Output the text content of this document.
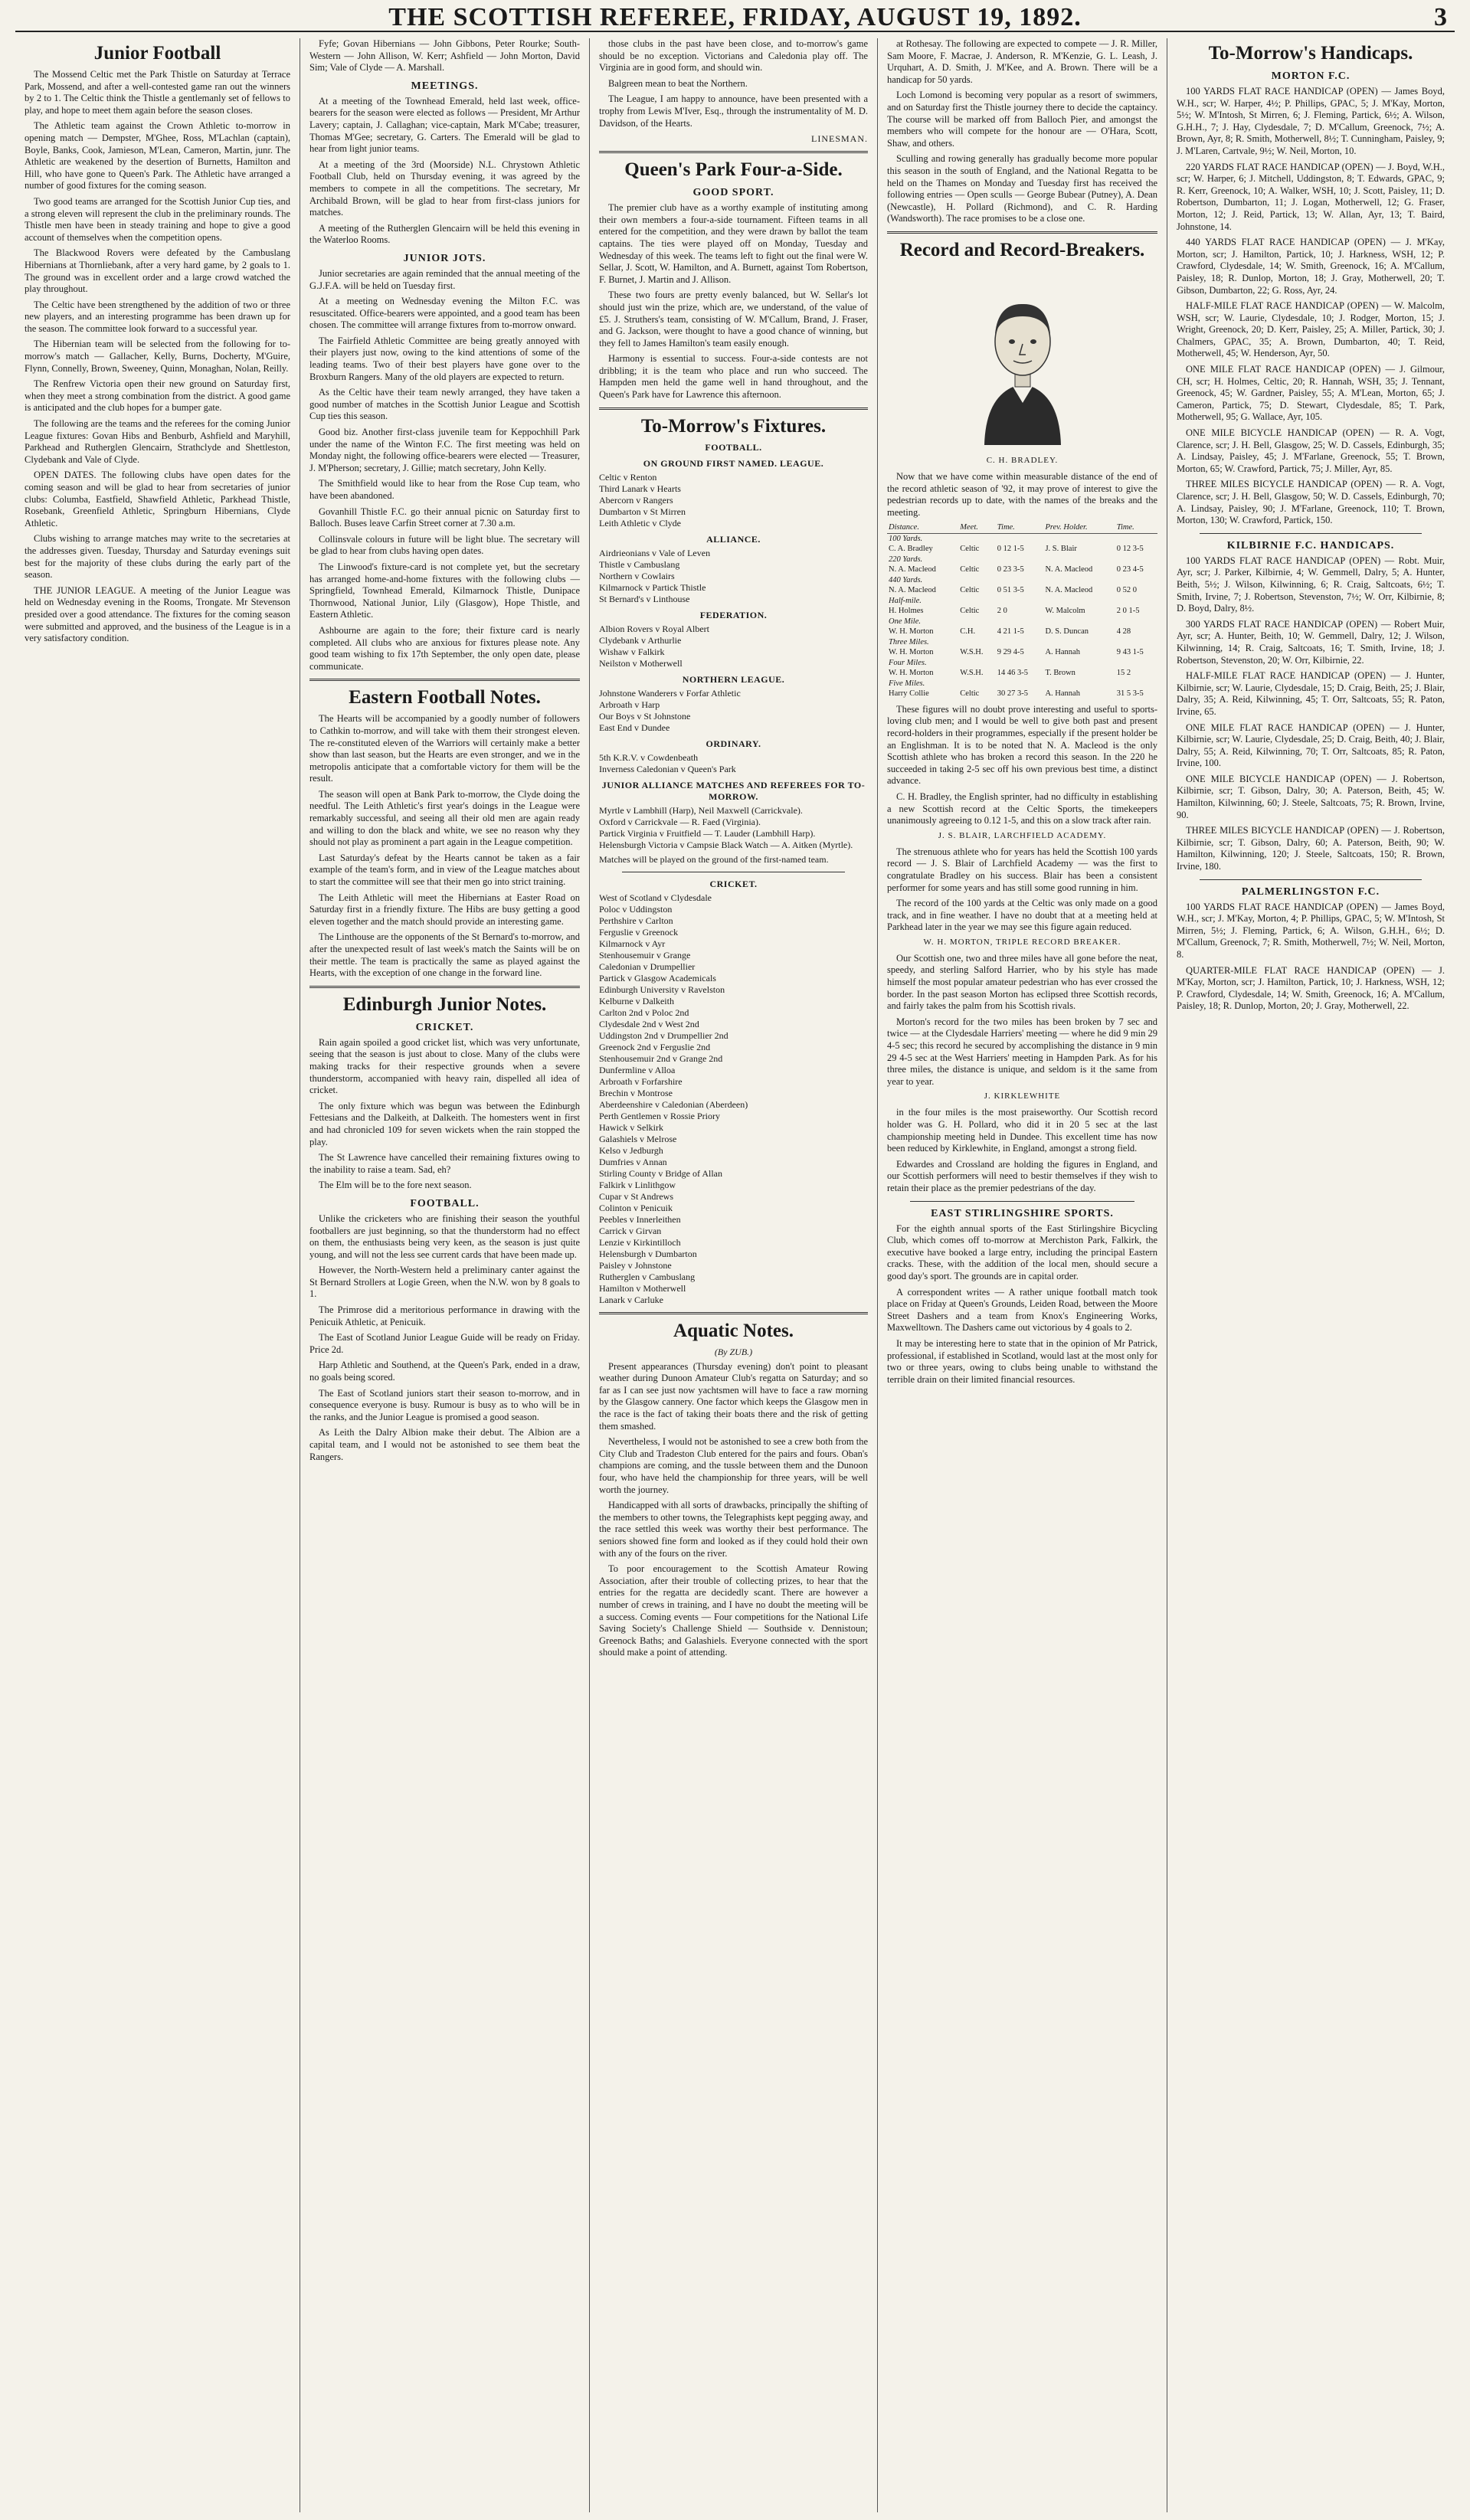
THE SCOTTISH REFEREE, FRIDAY, AUGUST 19, 1892.	3
Junior Football

The Mossend Celtic met the Park Thistle on Saturday at Terrace Park, Mossend, and after a well-contested game ran out the winners by 2 to 1. The Celtic think the Thistle a gentlemanly set of fellows to play, and hope to meet them again before the season closes.

The Athletic team against the Crown Athletic to-morrow in opening match — Dempster, M'Ghee, Ross, M'Lachlan (captain), Boyle, Banks, Cook, Jamieson, M'Lean, Cameron, Martin, junr. The Athletic are weakened by the desertion of Burnetts, Hamilton and Hill, who have gone to Queen's Park. The Athletic have arranged a number of good fixtures for the coming season.

Two good teams are arranged for the Scottish Junior Cup ties, and a strong eleven will represent the club in the preliminary rounds. The Thistle men have been in steady training and hope to give a good account of themselves when the competition opens.

The Blackwood Rovers were defeated by the Cambuslang Hibernians at Thornliebank, after a very hard game, by 2 goals to 1. The ground was in excellent order and a large crowd watched the play throughout.

The Celtic have been strengthened by the addition of two or three new players, and an interesting programme has been drawn up for the season. The committee look forward to a successful year.

The Hibernian team will be selected from the following for to-morrow's match — Gallacher, Kelly, Burns, Docherty, M'Guire, Flynn, Connelly, Brown, Sweeney, Quinn, Monaghan, Nolan, Reilly.

The Renfrew Victoria open their new ground on Saturday first, when they meet a strong combination from the district. A good game is anticipated and the club hopes for a bumper gate.

The following are the teams and the referees for the coming Junior League fixtures: Govan Hibs and Benburb, Ashfield and Maryhill, Parkhead and Rutherglen Glencairn, Strathclyde and Shettleston, Clydebank and Vale of Clyde.

OPEN DATES. The following clubs have open dates for the coming season and will be glad to hear from secretaries of junior clubs: Columba, Eastfield, Shawfield Athletic, Parkhead Thistle, Rosebank, Greenfield Athletic, Springburn Hibernians, Clyde Athletic.

Clubs wishing to arrange matches may write to the secretaries at the addresses given. Tuesday, Thursday and Saturday evenings suit best for the majority of these clubs during the early part of the season.

THE JUNIOR LEAGUE. A meeting of the Junior League was held on Wednesday evening in the Rooms, Trongate. Mr Stevenson presided over a good attendance. The fixtures for the coming season were submitted and approved, and the business of the League is in a very satisfactory condition.

Fyfe; Govan Hibernians — John Gibbons, Peter Rourke; South-Western — John Allison, W. Kerr; Ashfield — John Morton, David Sim; Vale of Clyde — A. Marshall.

MEETINGS.

At a meeting of the Townhead Emerald, held last week, office-bearers for the season were elected as follows — President, Mr Arthur Lavery; captain, J. Callaghan; vice-captain, Mark M'Cabe; treasurer, Thomas M'Gee; secretary, G. Carters. The Emerald will be glad to hear from light junior teams.

At a meeting of the 3rd (Moorside) N.L. Chrystown Athletic Football Club, held on Thursday evening, it was agreed by the members to compete in all the competitions. The secretary, Mr Archibald Brown, will be glad to hear from first-class juniors for matches.

A meeting of the Rutherglen Glencairn will be held this evening in the Waterloo Rooms.

JUNIOR JOTS.

Junior secretaries are again reminded that the annual meeting of the G.J.F.A. will be held on Tuesday first.

At a meeting on Wednesday evening the Milton F.C. was resuscitated. Office-bearers were appointed, and a good team has been chosen. The committee will arrange fixtures from to-morrow onward.

The Fairfield Athletic Committee are being greatly annoyed with their players just now, owing to the kind attentions of some of the leading teams. Two of their best players have gone over to the Broxburn Rangers. Many of the old players are expected to return.

As the Celtic have their team newly arranged, they have taken a good number of matches in the Scottish Junior League and Scottish Cup ties this season.

Good biz. Another first-class juvenile team for Keppochhill Park under the name of the Winton F.C. The first meeting was held on Monday night, the following office-bearers were elected — Treasurer, J. M'Pherson; secretary, J. Gillie; match secretary, John Kelly.

The Smithfield would like to hear from the Rose Cup team, who have been abandoned.

Govanhill Thistle F.C. go their annual picnic on Saturday first to Balloch. Buses leave Carfin Street corner at 7.30 a.m.

Collinsvale colours in future will be light blue. The secretary will be glad to hear from clubs having open dates.

The Linwood's fixture-card is not complete yet, but the secretary has arranged home-and-home fixtures with the following clubs — Springfield, Townhead Emerald, Kilmarnock Thistle, Dunipace Thornwood, National Junior, Lily (Glasgow), Hope Thistle, and Eastern Athletic.

Ashbourne are again to the fore; their fixture card is nearly completed. All clubs who are anxious for fixtures please note. Any good team wishing to fix 17th September, the only open date, please communicate.

Eastern Football Notes.

The Hearts will be accompanied by a goodly number of followers to Cathkin to-morrow, and will take with them their strongest eleven. The re-constituted eleven of the Warriors will certainly make a better show than last season, but the Hearts are even stronger, and we in the metropolis anticipate that a comfortable victory for them will be the result.

The season will open at Bank Park to-morrow, the Clyde doing the needful. The Leith Athletic's first year's doings in the League were remarkably successful, and seeing all their old men are again ready and willing to don the black and white, we see no reason why they should not play as prominent a part again in the League competition.

Last Saturday's defeat by the Hearts cannot be taken as a fair example of the team's form, and in view of the League matches about to start the committee will see that their men go into strict training.

The Leith Athletic will meet the Hibernians at Easter Road on Saturday first in a friendly fixture. The Hibs are busy getting a good eleven together and the match should provide an interesting game.

The Linthouse are the opponents of the St Bernard's to-morrow, and after the unexpected result of last week's match the Saints will be on their mettle. The team is practically the same as played against the Hearts, with the exception of one change in the forward line.

Edinburgh Junior Notes.
CRICKET.

Rain again spoiled a good cricket list, which was very unfortunate, seeing that the season is just about to close. Many of the clubs were making tracks for their respective grounds when a severe thunderstorm, accompanied with heavy rain, dispelled all idea of cricket.

The only fixture which was begun was between the Edinburgh Fettesians and the Dalkeith, at Dalkeith. The homesters went in first and had chronicled 109 for seven wickets when the rain stopped the play.

The St Lawrence have cancelled their remaining fixtures owing to the inability to raise a team. Sad, eh?

The Elm will be to the fore next season.

FOOTBALL.

Unlike the cricketers who are finishing their season the youthful footballers are just beginning, so that the thunderstorm had no effect on them, the enthusiasts being very keen, as the season is just quite young, and will not the less see current cards that have been made up.

However, the North-Western held a preliminary canter against the St Bernard Strollers at Logie Green, when the N.W. won by 8 goals to 1.

The Primrose did a meritorious performance in drawing with the Penicuik Athletic, at Penicuik.

The East of Scotland Junior League Guide will be ready on Friday. Price 2d.

Harp Athletic and Southend, at the Queen's Park, ended in a draw, no goals being scored.

The East of Scotland juniors start their season to-morrow, and in consequence everyone is busy. Rumour is busy as to who will be in the ranks, and the Junior League is promised a good season.

As Leith the Dalry Albion make their debut. The Albion are a capital team, and I would not be astonished to see them beat the Rangers.

those clubs in the past have been close, and to-morrow's game should be no exception. Victorians and Caledonia play off. The Virginia are in good form, and should win.

Balgreen mean to beat the Northern.

The League, I am happy to announce, have been presented with a trophy from Lewis M'Iver, Esq., through the instrumentality of M. D. Davidson, of the Hearts.

LINESMAN.
Queen's Park Four-a-Side.
GOOD SPORT.

The premier club have as a worthy example of instituting among their own members a four-a-side tournament. Fifteen teams in all entered for the competition, and they were drawn by ballot the team captains. The ties were played off on Monday, Tuesday and Wednesday of this week. The teams left to fight out the final were W. Sellar, J. Scott, W. Hamilton, and A. Burnett, against Tom Robertson, F. Burnet, J. Martin and J. Allison.

These two fours are pretty evenly balanced, but W. Sellar's lot should just win the prize, which are, we understand, of the value of £5. J. Struthers's team, consisting of W. M'Callum, Brand, J. Fraser, and G. Jackson, were thought to have a good chance of winning, but they fell to James Hamilton's team easily enough.

Harmony is essential to success. Four-a-side contests are not dribbling; it is the team who place and run who succeed. The Hampden men held the game well in hand throughout, and the Queen's Park have for Lawrence this afternoon.

To-Morrow's Fixtures.
FOOTBALL.
ON GROUND FIRST NAMED. LEAGUE.

Celtic v Renton

Third Lanark v Hearts

Abercorn v Rangers

Dumbarton v St Mirren

Leith Athletic v Clyde

ALLIANCE.

Airdrieonians v Vale of Leven

Thistle v Cambuslang

Northern v Cowlairs

Kilmarnock v Partick Thistle

St Bernard's v Linthouse

FEDERATION.

Albion Rovers v Royal Albert

Clydebank v Arthurlie

Wishaw v Falkirk

Neilston v Motherwell

NORTHERN LEAGUE.

Johnstone Wanderers v Forfar Athletic

Arbroath v Harp

Our Boys v St Johnstone

East End v Dundee

ORDINARY.

5th K.R.V. v Cowdenbeath

Inverness Caledonian v Queen's Park

JUNIOR ALLIANCE MATCHES AND REFEREES FOR TO-MORROW.

Myrtle v Lambhill (Harp), Neil Maxwell (Carrickvale).

Oxford v Carrickvale — R. Faed (Virginia).

Partick Virginia v Fruitfield — T. Lauder (Lambhill Harp).

Helensburgh Victoria v Campsie Black Watch — A. Aitken (Myrtle).

Matches will be played on the ground of the first-named team.

CRICKET.

West of Scotland v Clydesdale

Poloc v Uddingston

Perthshire v Carlton

Ferguslie v Greenock

Kilmarnock v Ayr

Stenhousemuir v Grange

Caledonian v Drumpellier

Partick v Glasgow Academicals

Edinburgh University v Ravelston

Kelburne v Dalkeith

Carlton 2nd v Poloc 2nd

Clydesdale 2nd v West 2nd

Uddingston 2nd v Drumpellier 2nd

Greenock 2nd v Ferguslie 2nd

Stenhousemuir 2nd v Grange 2nd

Dunfermline v Alloa

Arbroath v Forfarshire

Brechin v Montrose

Aberdeenshire v Caledonian (Aberdeen)

Perth Gentlemen v Rossie Priory

Hawick v Selkirk

Galashiels v Melrose

Kelso v Jedburgh

Dumfries v Annan

Stirling County v Bridge of Allan

Falkirk v Linlithgow

Cupar v St Andrews

Colinton v Penicuik

Peebles v Innerleithen

Carrick v Girvan

Lenzie v Kirkintilloch

Helensburgh v Dumbarton

Paisley v Johnstone

Rutherglen v Cambuslang

Hamilton v Motherwell

Lanark v Carluke

Aquatic Notes.
(By ZUB.)

Present appearances (Thursday evening) don't point to pleasant weather during Dunoon Amateur Club's regatta on Saturday; and so far as I can see just now yachtsmen will have to face a raw morning by the Glasgow cannery. One factor which keeps the Glasgow men in the race is the fact of taking their boats there and the risk of getting them smashed.

Nevertheless, I would not be astonished to see a crew both from the City Club and Tradeston Club entered for the pairs and fours. Oban's champions are coming, and the tussle between them and the Dunoon four, who have held the championship for three years, will be well worth the journey.

Handicapped with all sorts of drawbacks, principally the shifting of the members to other towns, the Telegraphists kept pegging away, and the race settled this week was worthy their best performance. The seniors showed fine form and looked as if they could hold their own with any of the fours on the river.

To poor encouragement to the Scottish Amateur Rowing Association, after their trouble of collecting prizes, to hear that the entries for the regatta are decidedly scant. There are however a number of crews in training, and I have no doubt the meeting will be a success. Coming events — Four competitions for the National Life Saving Society's Challenge Shield — Southside v. Dennistoun; Greenock Baths; and Galashiels. Everyone connected with the sport should make a point of attending.

at Rothesay. The following are expected to compete — J. R. Miller, Sam Moore, F. Macrae, J. Anderson, R. M'Kenzie, G. L. Leash, J. Urquhart, A. D. Smith, J. M'Kee, and A. Brown. There will be a handicap for 50 yards.

Loch Lomond is becoming very popular as a resort of swimmers, and on Saturday first the Thistle journey there to decide the captaincy. The course will be marked off from Balloch Pier, and amongst the members who will compete for the honour are — O'Hara, Scott, Shaw, and others.

Sculling and rowing generally has gradually become more popular this season in the south of England, and the National Regatta to be held on the Thames on Monday and Tuesday first has received the following entries — Open sculls — George Bubear (Putney), A. Dean (Newcastle), H. Pollard (Richmond), and C. R. Harding (Wandsworth). The race promises to be a close one.

Record and Record-Breakers.
C. H. BRADLEY.

Now that we have come within measurable distance of the end of the record athletic season of '92, it may prove of interest to give the pedestrian records up to date, with the names of the breaks and the meeting.

Distance.	Meet.	Time.	Prev. Holder.	Time.
100 Yards.				
C. A. Bradley	Celtic	0 12 1-5	J. S. Blair	0 12 3-5
220 Yards.				
N. A. Macleod	Celtic	0 23 3-5	N. A. Macleod	0 23 4-5
440 Yards.				
N. A. Macleod	Celtic	0 51 3-5	N. A. Macleod	0 52 0
Half-mile.				
H. Holmes	Celtic	2 0	W. Malcolm	2 0 1-5
One Mile.				
W. H. Morton	C.H.	4 21 1-5	D. S. Duncan	4 28
Three Miles.				
W. H. Morton	W.S.H.	9 29 4-5	A. Hannah	9 43 1-5
Four Miles.				
W. H. Morton	W.S.H.	14 46 3-5	T. Brown	15 2
Five Miles.				
Harry Collie	Celtic	30 27 3-5	A. Hannah	31 5 3-5

These figures will no doubt prove interesting and useful to sports-loving club men; and I would be well to give both past and present record-holders in their programmes, especially if the present holder be an Englishman. It is to be noted that N. A. Macleod is the only Scottish athlete who has broken a record this season. In the 220 he succeeded in taking 2-5 sec off his own previous best time, a distinct advance.

C. H. Bradley, the English sprinter, had no difficulty in establishing a new Scottish record at the Celtic Sports, the timekeepers unanimously agreeing to 0.12 1-5, and this on a slow track after rain.

J. S. BLAIR, LARCHFIELD ACADEMY.

The strenuous athlete who for years has held the Scottish 100 yards record — J. S. Blair of Larchfield Academy — was the first to congratulate Bradley on his success. Blair has been a consistent performer for some years and has still some good running in him.

The record of the 100 yards at the Celtic was only made on a good track, and in fine weather. I have no doubt that at a meeting held at Parkhead later in the year we may see this figure again reduced.

W. H. MORTON, TRIPLE RECORD BREAKER.

Our Scottish one, two and three miles have all gone before the neat, speedy, and sterling Salford Harrier, who by his style has made himself the most popular amateur pedestrian who has ever crossed the border. In the past season Morton has eclipsed three Scottish records, and fairly takes the palm from his Scottish rivals.

Morton's record for the two miles has been broken by 7 sec and twice — at the Clydesdale Harriers' meeting — where he did 9 min 29 4-5 sec; this record he secured by accomplishing the distance in 9 min 29 4-5 sec at the West Harriers' meeting in Hampden Park. As for his three miles, the distance is unique, and seldom is it the same from year to year.

J. KIRKLEWHITE

in the four miles is the most praiseworthy. Our Scottish record holder was G. H. Pollard, who did it in 20 5 sec at the last championship meeting held in Dundee. This excellent time has now been reduced by Kirklewhite, in England, amongst a strong field.

Edwardes and Crossland are holding the figures in England, and our Scottish performers will need to bestir themselves if they wish to retain their place as the premier pedestrians of the day.

EAST STIRLINGSHIRE SPORTS.

For the eighth annual sports of the East Stirlingshire Bicycling Club, which comes off to-morrow at Merchiston Park, Falkirk, the executive have booked a large entry, including the principal Eastern cracks. These, with the addition of the local men, should secure a good day's sport. The grounds are in capital order.

A correspondent writes — A rather unique football match took place on Friday at Queen's Grounds, Leiden Road, between the Moore Street Dashers and a team from Knox's Engineering Works, Maxwelltown. The Dashers came out victorious by 4 goals to 2.

It may be interesting here to state that in the opinion of Mr Patrick, professional, if established in Scotland, would last at the most only for two or three years, owing to clubs being unable to withstand the terrible drain on their limited financial resources.

To-Morrow's Handicaps.
MORTON F.C.

100 YARDS FLAT RACE HANDICAP (OPEN) — James Boyd, W.H., scr; W. Harper, 4½; P. Phillips, GPAC, 5; J. M'Kay, Morton, 5½; W. M'Intosh, St Mirren, 6; J. Fleming, Partick, 6½; A. Wilson, G.H.H., 7; J. Hay, Clydesdale, 7; D. M'Callum, Greenock, 7½; A. Brown, Ayr, 8; R. Smith, Motherwell, 8½; T. Cunningham, Paisley, 9; J. M'Laren, Cartvale, 9½; W. Neil, Morton, 10.

220 YARDS FLAT RACE HANDICAP (OPEN) — J. Boyd, W.H., scr; W. Harper, 6; J. Mitchell, Uddingston, 8; T. Edwards, GPAC, 9; R. Kerr, Greenock, 10; A. Walker, WSH, 10; J. Scott, Paisley, 11; D. Robertson, Dumbarton, 11; J. Logan, Motherwell, 12; G. Fraser, Morton, 12; J. Reid, Partick, 13; W. Allan, Ayr, 13; T. Baird, Johnstone, 14.

440 YARDS FLAT RACE HANDICAP (OPEN) — J. M'Kay, Morton, scr; J. Hamilton, Partick, 10; J. Harkness, WSH, 12; P. Crawford, Clydesdale, 14; W. Smith, Greenock, 16; A. M'Callum, Paisley, 18; R. Dunlop, Morton, 18; J. Gray, Motherwell, 20; T. Gibson, Dumbarton, 22; G. Ross, Ayr, 24.

HALF-MILE FLAT RACE HANDICAP (OPEN) — W. Malcolm, WSH, scr; W. Laurie, Clydesdale, 10; J. Rodger, Morton, 15; J. Wright, Greenock, 20; D. Kerr, Paisley, 25; A. Miller, Partick, 30; J. Chalmers, GPAC, 35; A. Brown, Dumbarton, 40; T. Reid, Motherwell, 45; W. Henderson, Ayr, 50.

ONE MILE FLAT RACE HANDICAP (OPEN) — J. Gilmour, CH, scr; H. Holmes, Celtic, 20; R. Hannah, WSH, 35; J. Tennant, Greenock, 45; W. Gardner, Paisley, 55; A. M'Lean, Morton, 65; J. Cameron, Partick, 75; D. Stewart, Clydesdale, 85; T. Park, Motherwell, 95; G. Wallace, Ayr, 105.

ONE MILE BICYCLE HANDICAP (OPEN) — R. A. Vogt, Clarence, scr; J. H. Bell, Glasgow, 25; W. D. Cassels, Edinburgh, 35; A. Lindsay, Paisley, 45; J. M'Farlane, Greenock, 55; T. Brown, Morton, 65; W. Crawford, Partick, 75; J. Miller, Ayr, 85.

THREE MILES BICYCLE HANDICAP (OPEN) — R. A. Vogt, Clarence, scr; J. H. Bell, Glasgow, 50; W. D. Cassels, Edinburgh, 70; A. Lindsay, Paisley, 90; J. M'Farlane, Greenock, 110; T. Brown, Morton, 130; W. Crawford, Partick, 150.

KILBIRNIE F.C. HANDICAPS.

100 YARDS FLAT RACE HANDICAP (OPEN) — Robt. Muir, Ayr, scr; J. Parker, Kilbirnie, 4; W. Gemmell, Dalry, 5; A. Hunter, Beith, 5½; J. Wilson, Kilwinning, 6; R. Craig, Saltcoats, 6½; T. Smith, Irvine, 7; J. Robertson, Stevenston, 7½; W. Orr, Kilbirnie, 8; D. Boyd, Dalry, 8½.

300 YARDS FLAT RACE HANDICAP (OPEN) — Robert Muir, Ayr, scr; A. Hunter, Beith, 10; W. Gemmell, Dalry, 12; J. Wilson, Kilwinning, 14; R. Craig, Saltcoats, 16; T. Smith, Irvine, 18; J. Robertson, Stevenston, 20; W. Orr, Kilbirnie, 22.

HALF-MILE FLAT RACE HANDICAP (OPEN) — J. Hunter, Kilbirnie, scr; W. Laurie, Clydesdale, 15; D. Craig, Beith, 25; J. Blair, Dalry, 35; A. Reid, Kilwinning, 45; T. Orr, Saltcoats, 55; R. Paton, Irvine, 65.

ONE MILE FLAT RACE HANDICAP (OPEN) — J. Hunter, Kilbirnie, scr; W. Laurie, Clydesdale, 25; D. Craig, Beith, 40; J. Blair, Dalry, 55; A. Reid, Kilwinning, 70; T. Orr, Saltcoats, 85; R. Paton, Irvine, 100.

ONE MILE BICYCLE HANDICAP (OPEN) — J. Robertson, Kilbirnie, scr; T. Gibson, Dalry, 30; A. Paterson, Beith, 45; W. Hamilton, Kilwinning, 60; J. Steele, Saltcoats, 75; R. Brown, Irvine, 90.

THREE MILES BICYCLE HANDICAP (OPEN) — J. Robertson, Kilbirnie, scr; T. Gibson, Dalry, 60; A. Paterson, Beith, 90; W. Hamilton, Kilwinning, 120; J. Steele, Saltcoats, 150; R. Brown, Irvine, 180.

PALMERLINGSTON F.C.

100 YARDS FLAT RACE HANDICAP (OPEN) — James Boyd, W.H., scr; J. M'Kay, Morton, 4; P. Phillips, GPAC, 5; W. M'Intosh, St Mirren, 5½; J. Fleming, Partick, 6; A. Wilson, G.H.H., 6½; D. M'Callum, Greenock, 7; R. Smith, Motherwell, 7½; W. Neil, Morton, 8.

QUARTER-MILE FLAT RACE HANDICAP (OPEN) — J. M'Kay, Morton, scr; J. Hamilton, Partick, 10; J. Harkness, WSH, 12; P. Crawford, Clydesdale, 14; W. Smith, Greenock, 16; A. M'Callum, Paisley, 18; R. Dunlop, Morton, 20; J. Gray, Motherwell, 22.
